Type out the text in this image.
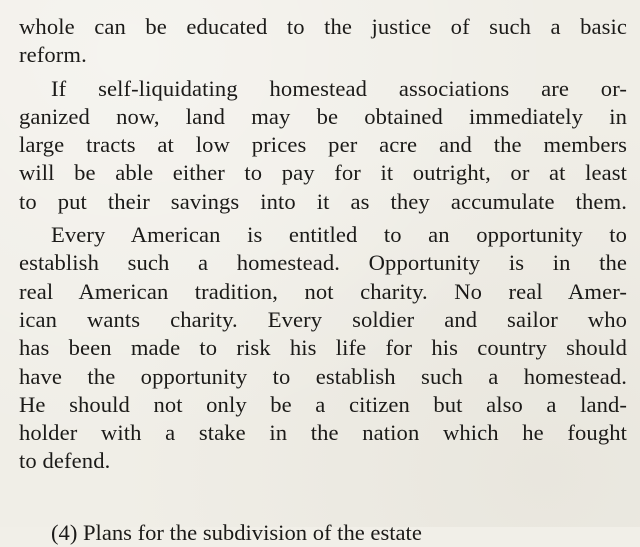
whole can be educated to the justice of such a basic
reform.
If self-liquidating homestead associations are or-
ganized now, land may be obtained immediately in
large tracts at low prices per acre and the members
will be able either to pay for it outright, or at least
to put their savings into it as they accumulate them.
Every American is entitled to an opportunity to
establish such a homestead. Opportunity is in the
real American tradition, not charity. No real Amer-
ican wants charity. Every soldier and sailor who
has been made to risk his life for his country should
have the opportunity to establish such a homestead.
He should not only be a citizen but also a land-
holder with a stake in the nation which he fought
to defend.
(4) Plans for the subdivision of the estate
